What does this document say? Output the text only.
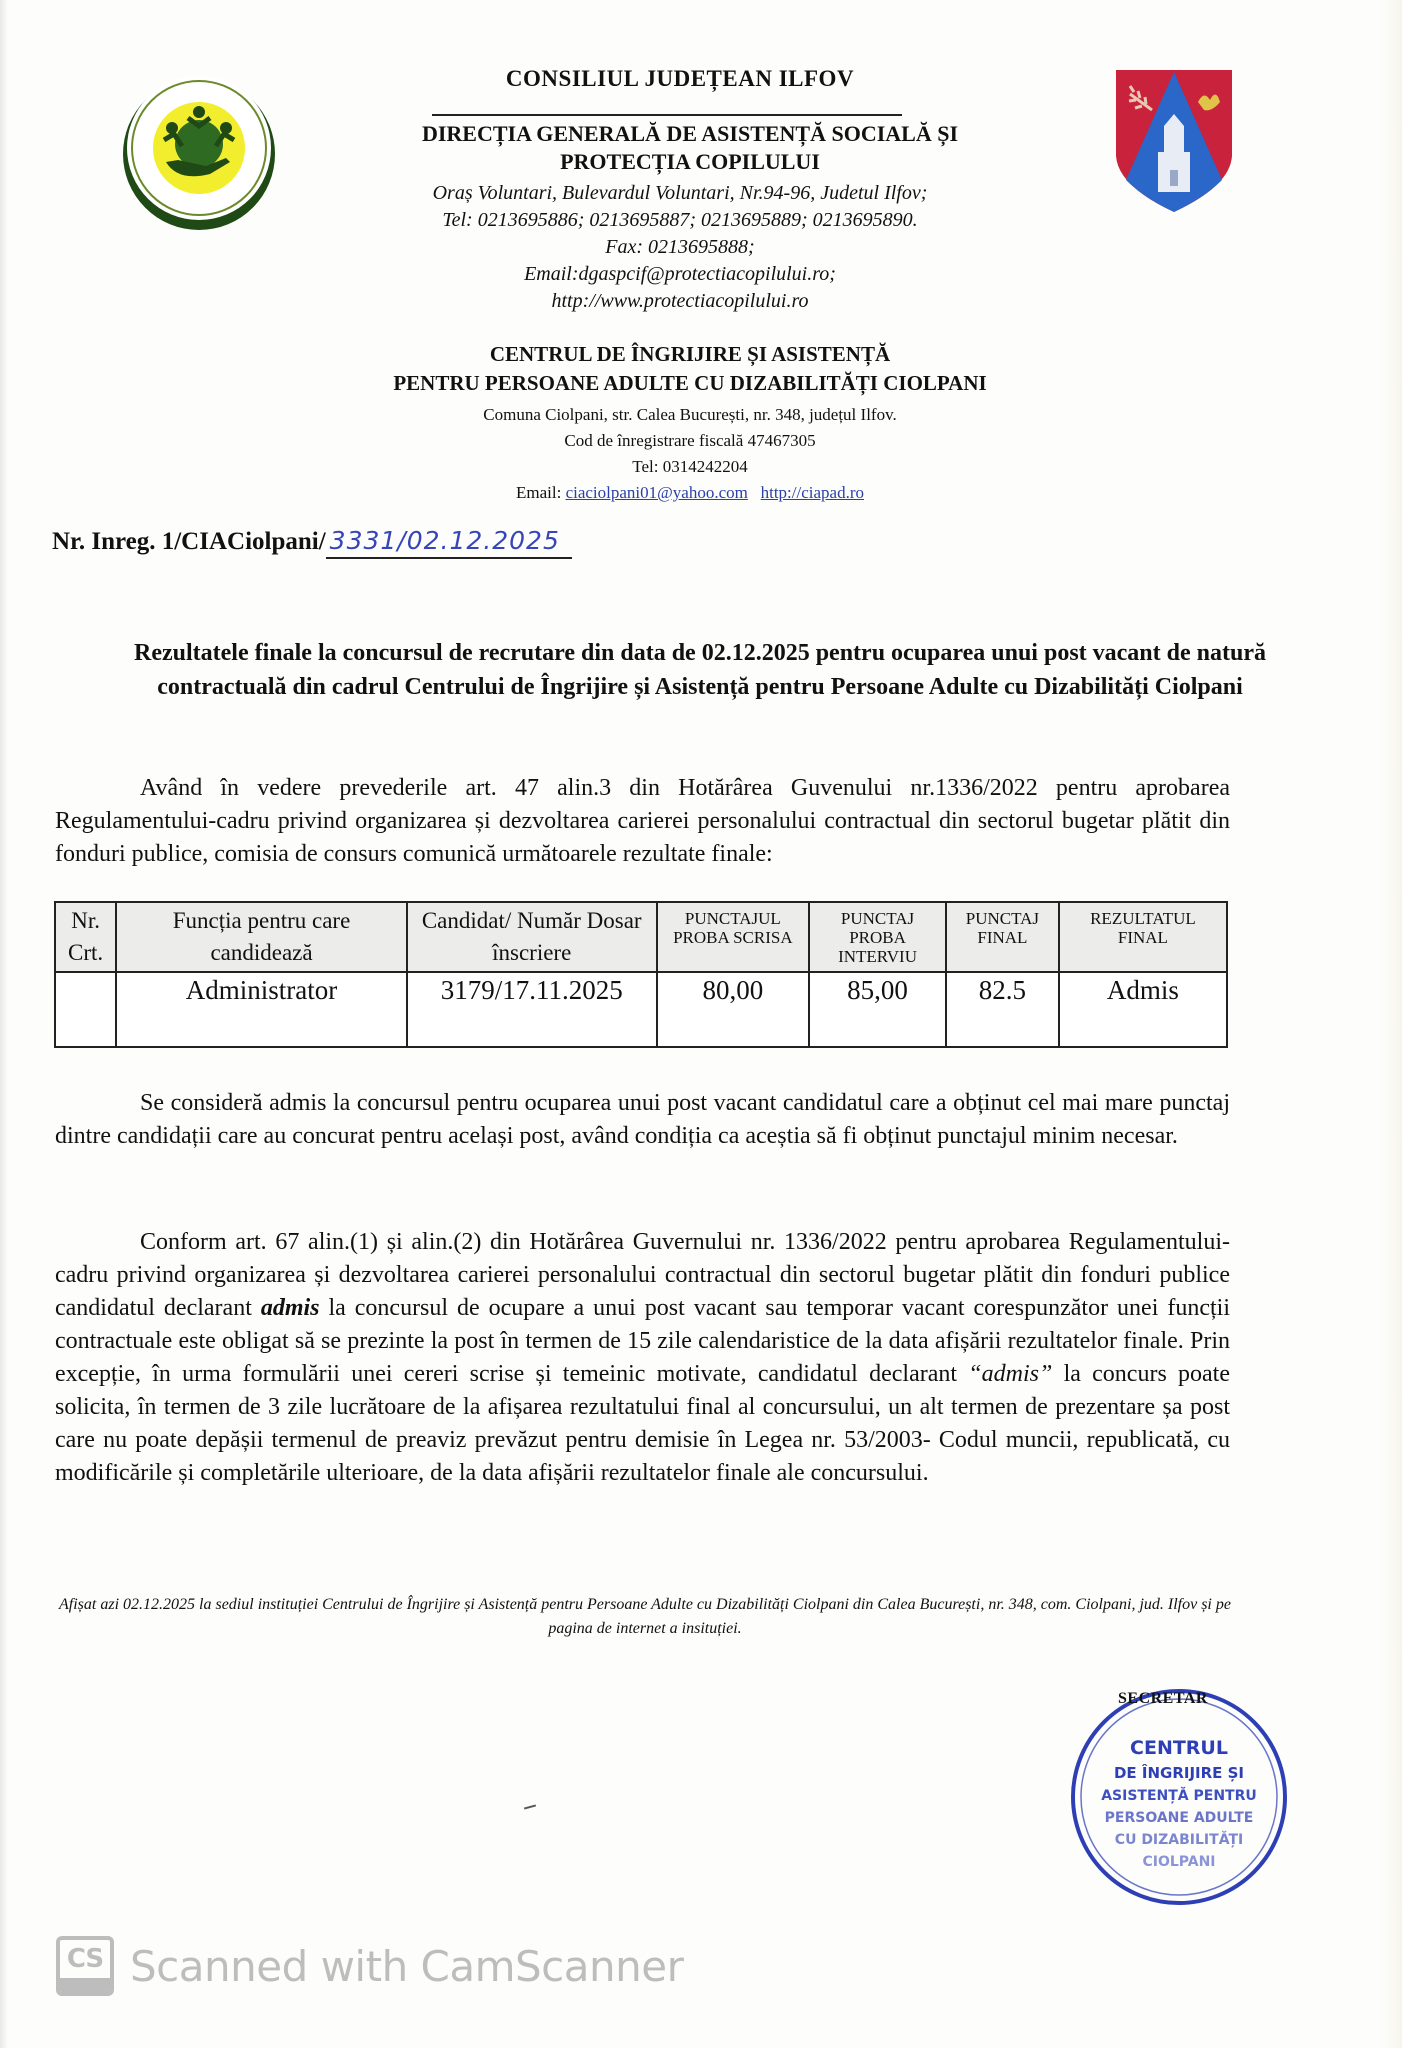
CONSILIUL JUDEȚEAN ILFOV
DIRECȚIA GENERALĂ DE ASISTENȚĂ SOCIALĂ ȘI
PROTECȚIA COPILULUI
Oraș Voluntari, Bulevardul Voluntari, Nr.94-96, Judetul Ilfov;
Tel: 0213695886; 0213695887; 0213695889; 0213695890.
Fax: 0213695888;
Email:dgaspcif@protectiacopilului.ro;
http://www.protectiacopilului.ro
CENTRUL DE ÎNGRIJIRE ȘI ASISTENȚĂ
PENTRU PERSOANE ADULTE CU DIZABILITĂȚI CIOLPANI
Comuna Ciolpani, str. Calea București, nr. 348, județul Ilfov.
Cod de înregistrare fiscală 47467305
Tel: 0314242204
Email: ciaciolpani01@yahoo.com http://ciapad.ro
Nr. Inreg. 1/CIACiolpani/ 3331/02.12.2025
Rezultatele finale la concursul de recrutare din data de 02.12.2025 pentru ocuparea unui post vacant de natură contractuală din cadrul Centrului de Îngrijire și Asistență pentru Persoane Adulte cu Dizabilități Ciolpani
Având în vedere prevederile art. 47 alin.3 din Hotărârea Guvenului nr.1336/2022 pentru aprobarea Regulamentului-cadru privind organizarea și dezvoltarea carierei personalului contractual din sectorul bugetar plătit din fonduri publice, comisia de consurs comunică următoarele rezultate finale:
Nr. Crt.	Funcția pentru care candidează	Candidat/ Număr Dosar înscriere	PUNCTAJUL PROBA SCRISA	PUNCTAJ PROBA INTERVIU	PUNCTAJ FINAL	REZULTATUL FINAL
	Administrator	3179/17.11.2025	80,00	85,00	82.5	Admis
Se consideră admis la concursul pentru ocuparea unui post vacant candidatul care a obținut cel mai mare punctaj dintre candidații care au concurat pentru același post, având condiția ca aceștia să fi obținut punctajul minim necesar.
Conform art. 67 alin.(1) și alin.(2) din Hotărârea Guvernului nr. 1336/2022 pentru aprobarea Regulamentului-cadru privind organizarea și dezvoltarea carierei personalului contractual din sectorul bugetar plătit din fonduri publice candidatul declarant admis la concursul de ocupare a unui post vacant sau temporar vacant corespunzător unei funcții contractuale este obligat să se prezinte la post în termen de 15 zile calendaristice de la data afișării rezultatelor finale. Prin excepție, în urma formulării unei cereri scrise și temeinic motivate, candidatul declarant “admis” la concurs poate solicita, în termen de 3 zile lucrătoare de la afișarea rezultatului final al concursului, un alt termen de prezentare șa post care nu poate depășii termenul de preaviz prevăzut pentru demisie în Legea nr. 53/2003- Codul muncii, republicată, cu modificările și completările ulterioare, de la data afișării rezultatelor finale ale concursului.
Afișat azi 02.12.2025 la sediul instituției Centrului de Îngrijire și Asistență pentru Persoane Adulte cu Dizabilități Ciolpani din Calea București, nr. 348, com. Ciolpani, jud. Ilfov și pe pagina de internet a insituției.
CENTRUL
DE ÎNGRIJIRE ȘI
ASISTENȚĂ PENTRU
PERSOANE ADULTE
CU DIZABILITĂȚI
CIOLPANI
SECRETAR
CS Scanned with CamScanner
